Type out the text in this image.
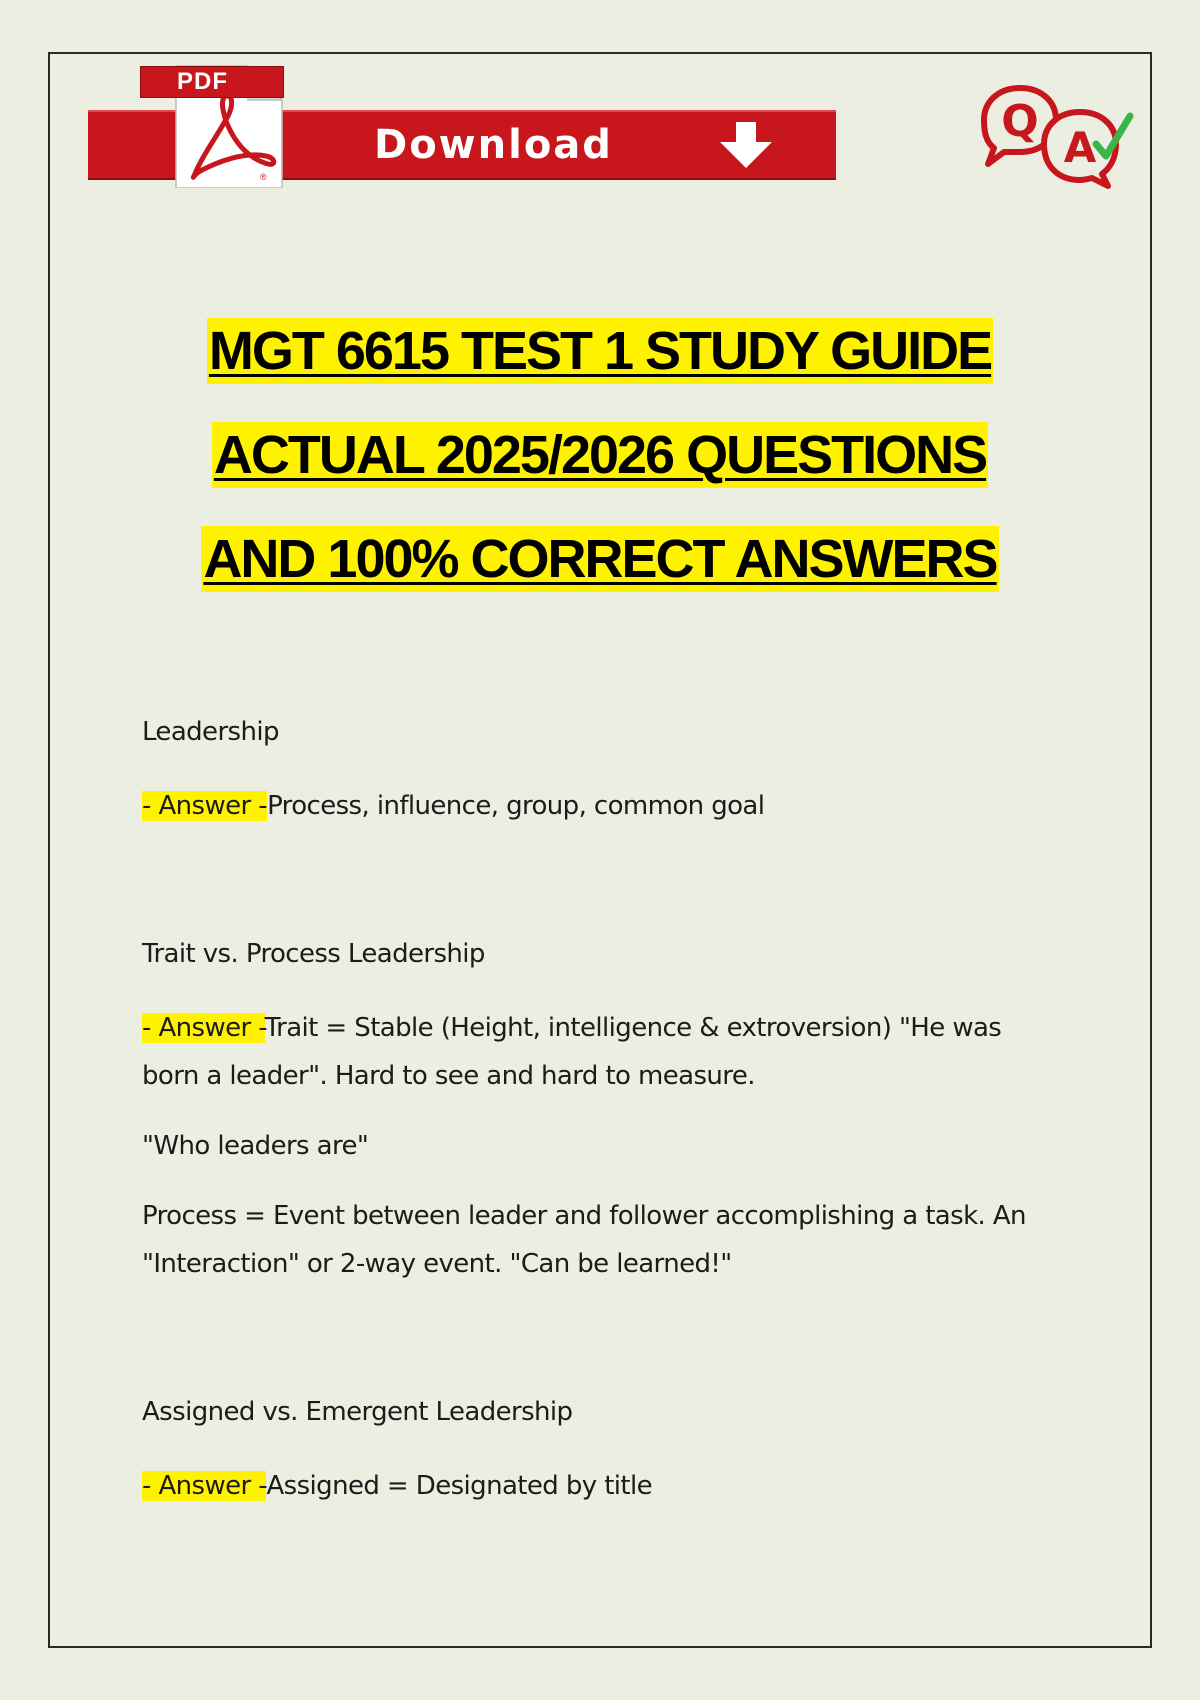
®
PDF
Download	Q
A
MGT 6615 TEST 1 STUDY GUIDE
ACTUAL 2025/2026 QUESTIONS
AND 100% CORRECT ANSWERS

Leadership

- Answer -Process, influence, group, common goal

Trait vs. Process Leadership

- Answer -Trait = Stable (Height, intelligence & extroversion) "He was born a leader". Hard to see and hard to measure.

"Who leaders are"

Process = Event between leader and follower accomplishing a task. An "Interaction" or 2-way event. "Can be learned!"

Assigned vs. Emergent Leadership

- Answer -Assigned = Designated by title
